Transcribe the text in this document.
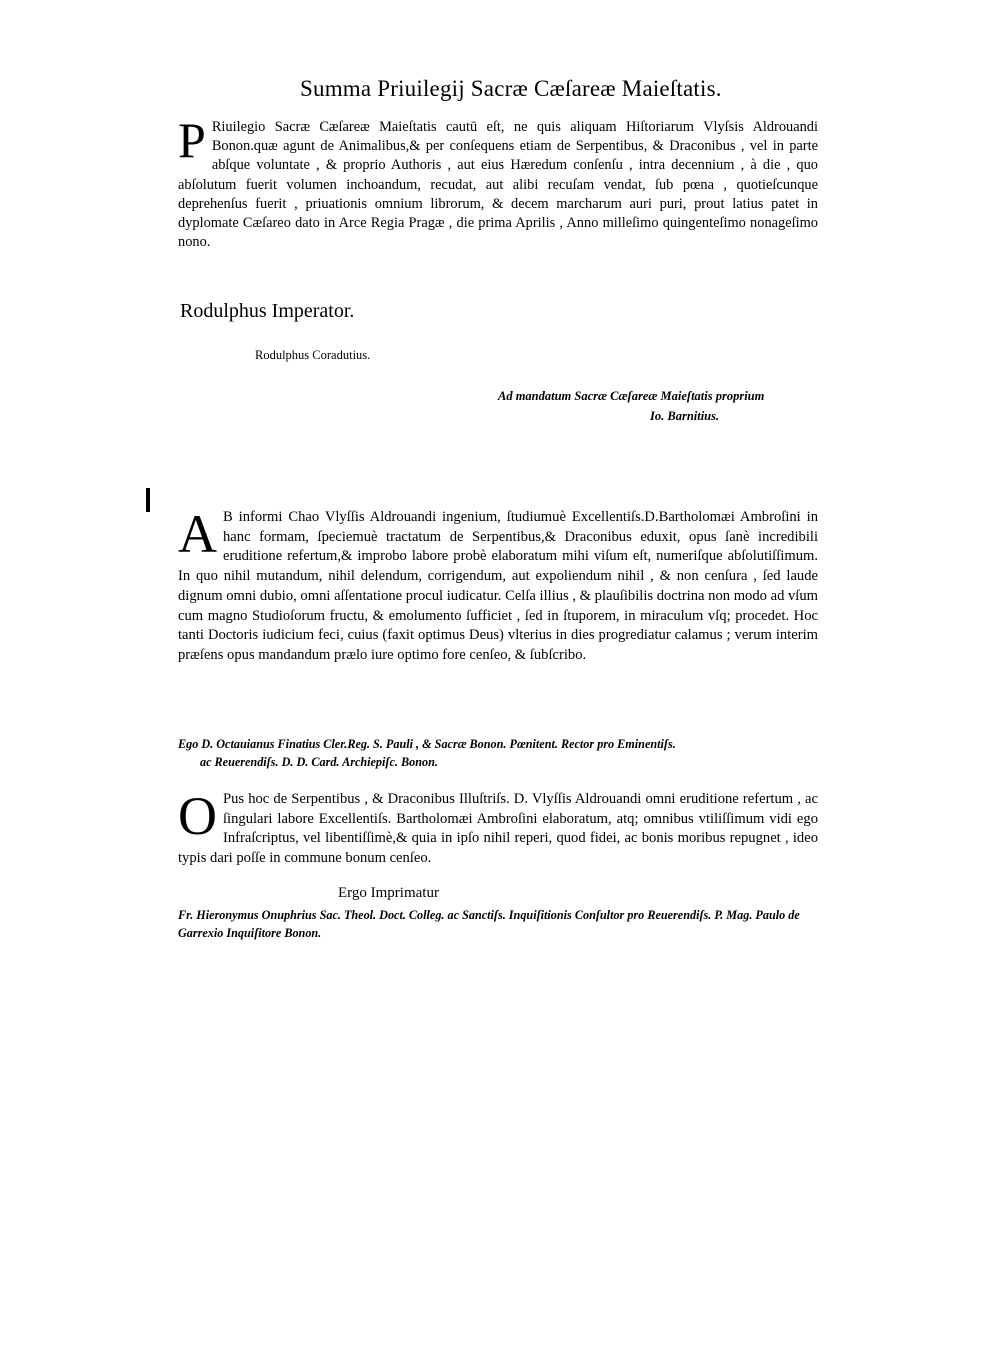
Summa Priuilegij Sacræ Cæſareæ Maieſtatis.
P Riuilegio Sacræ Cæſareæ Maieſtatis cautū eſt, ne quis aliquam Hiſtoriarum Vlyſsis Aldrouandi Bonon.quæ agunt de Animalibus,& per conſequens etiam de Serpentibus, & Draconibus , vel in parte abſque voluntate , & proprio Authoris , aut eius Hæredum conſenſu , intra decennium , à die , quo abſolutum fuerit volumen inchoandum, recudat, aut alibi recuſam vendat, ſub pœna , quotieſcunque deprehenſus fuerit , priuationis omnium librorum, & decem marcharum auri puri, prout latius patet in dyplomate Cæſareo dato in Arce Regia Pragæ , die prima Aprilis , Anno milleſimo quingenteſimo nonageſimo nono.
Rodulphus Imperator.
Rodulphus Coradutius.
Ad mandatum Sacræ Cæſareæ Maieſtatis proprium
Io. Barnitius.
A B informi Chao Vlyſſis Aldrouandi ingenium, ſtudiumuè Excellentiſs.D.Bartholomæi Ambroſini in hanc formam, ſpeciemuè tractatum de Serpentibus,& Draconibus eduxit, opus ſanè incredibili eruditione refertum,& improbo labore probè elaboratum mihi viſum eſt, numeriſque abſolutiſſimum. In quo nihil mutandum, nihil delendum, corrigendum, aut expoliendum nihil , & non cenſura , ſed laude dignum omni dubio, omni aſſentatione procul iudicatur. Celſa illius , & plauſibilis doctrina non modo ad vſum cum magno Studioſorum fructu, & emolumento ſufficiet , ſed in ſtuporem, in miraculum vſq; procedet. Hoc tanti Doctoris iudicium feci, cuius (faxit optimus Deus) vlterius in dies progrediatur calamus ; verum interim præſens opus mandandum prælo iure optimo fore cenſeo, & ſubſcribo.
Ego D. Octauianus Finatius Cler.Reg. S. Pauli , & Sacræ Bonon. Pœnitent. Rector pro Eminentiſs.
ac Reuerendiſs. D. D. Card. Archiepiſc. Bonon.
O Pus hoc de Serpentibus , & Draconibus Illuſtriſs. D. Vlyſſis Aldrouandi omni eruditione refertum , ac ſingulari labore Excellentiſs. Bartholomæi Ambroſini elaboratum, atq; omnibus vtiliſſimum vidi ego Infraſcriptus, vel libentiſſimè,& quia in ipſo nihil reperi, quod fidei, ac bonis moribus repugnet , ideo typis dari poſſe in commune bonum cenſeo.
Ergo Imprimatur
Fr. Hieronymus Onuphrius Sac. Theol. Doct. Colleg. ac Sanctiſs. Inquiſitionis Conſultor pro Reuerendiſs. P. Mag. Paulo de Garrexio Inquiſitore Bonon.
